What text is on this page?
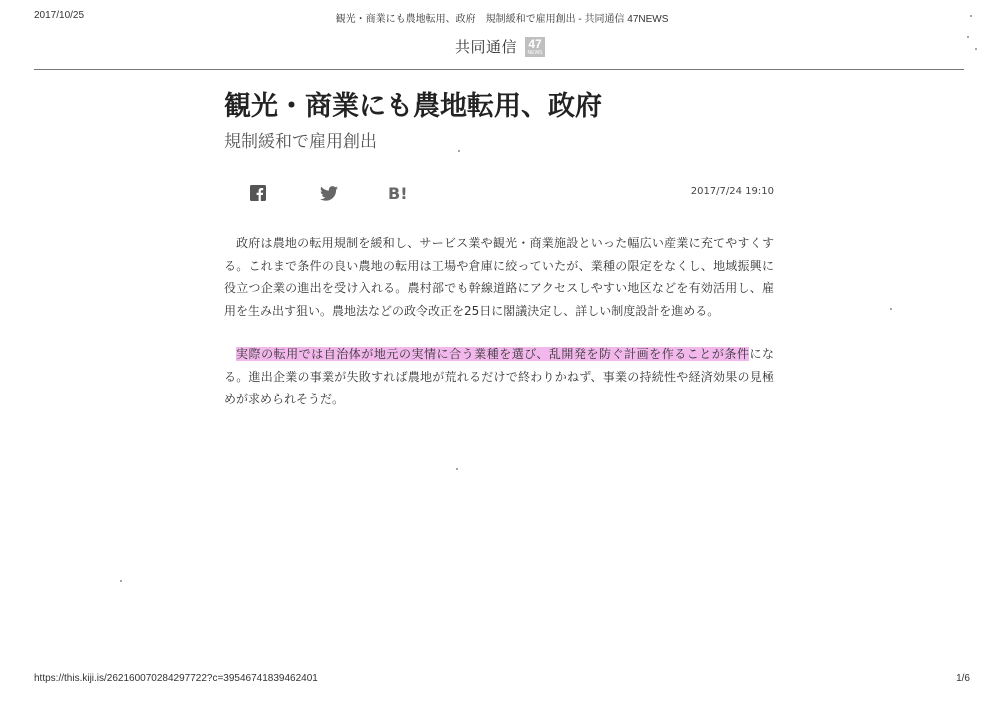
2017/10/25	観光・商業にも農地転用、政府　規制緩和で雇用創出 - 共同通信 47NEWS
共同通信 47
NEWS
観光・商業にも農地転用、政府
規制緩和で雇用創出
B!	2017/7/24 19:10

政府は農地の転用規制を緩和し、サービス業や観光・商業施設といった幅広い産業に充てやすくする。これまで条件の良い農地の転用は工場や倉庫に絞っていたが、業種の限定をなくし、地域振興に役立つ企業の進出を受け入れる。農村部でも幹線道路にアクセスしやすい地区などを有効活用し、雇用を生み出す狙い。農地法などの政令改正を25日に閣議決定し、詳しい制度設計を進める。

実際の転用では自治体が地元の実情に合う業種を選び、乱開発を防ぐ計画を作ることが条件になる。進出企業の事業が失敗すれば農地が荒れるだけで終わりかねず、事業の持続性や経済効果の見極めが求められそうだ。

https://this.kiji.is/262160070284297722?c=39546741839462401	1/6
